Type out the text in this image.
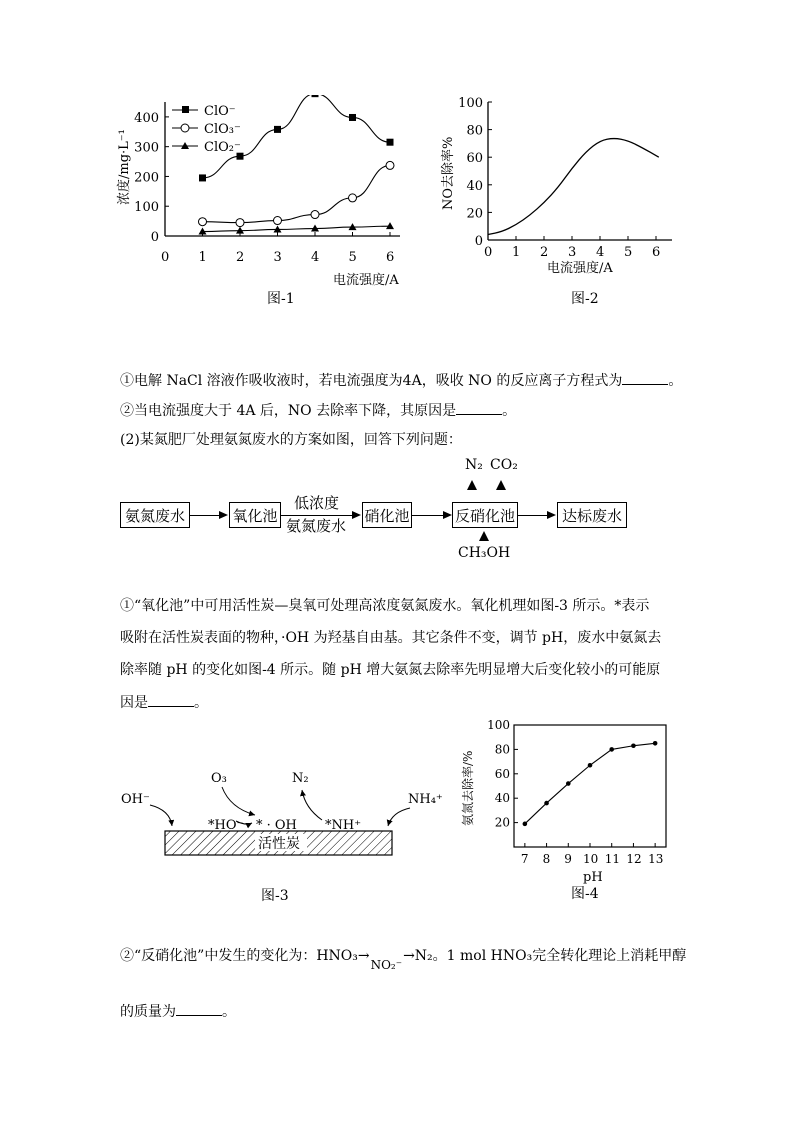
0 1 2 3 4 5 6
0
100
200
300
400	ClO⁻
ClO₃⁻
ClO₂⁻
电流强度/A
浓度/mg·L⁻¹
图-1
0 1 2 3 4 5 6
0
20
40
60
80
100
电流强度/A
NO去除率%
图-2
①电解 NaCl 溶液作吸收液时，若电流强度为4A，吸收 NO 的反应离子方程式为	。
②当电流强度大于 4A 后，NO 去除率下降，其原因是	。
(2)某氮肥厂处理氨氮废水的方案如图，回答下列问题：
氨氮废水	氧化池
低浓度
氨氮废水
硝化池	反硝化池	达标废水
N₂ CO₂
CH₃OH
①“氧化池”中可用活性炭—臭氧可处理高浓度氨氮废水。氧化机理如图-3 所示。*表示
吸附在活性炭表面的物种，·OH 为羟基自由基。其它条件不变，调节 pH，废水中氨氮去
除率随 pH 的变化如图-4 所示。随 pH 增大氨氮去除率先明显增大后变化较小的可能原
因是	。
活性炭
OH⁻
O₃	N₂
NH₄⁺
*HO⁻ * · OH *NH⁺
图-3
7 8 9 10 11 12 13
20
40
60
80
100
pH
氨氮去除率/%
图-4
②“反硝化池”中发生的变化为：HNO₃→NO₂⁻→N₂。1 mol HNO₃完全转化理论上消耗甲醇
的质量为	。
